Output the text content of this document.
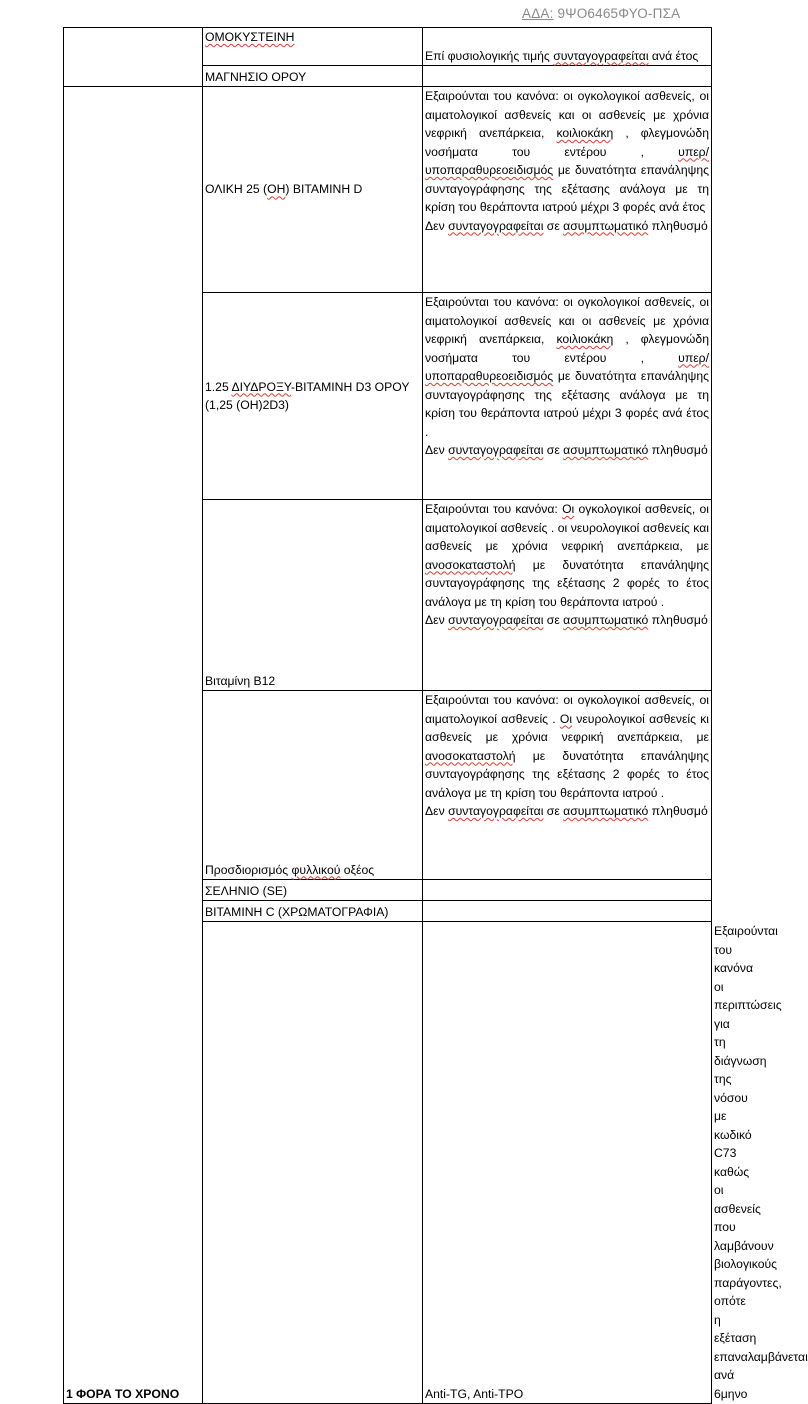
ΑΔΑ: 9ΨΟ6465ΦΥΟ-ΠΣΑ
	ΟΜΟΚΥΣΤΕΙΝΗ	Επί φυσιολογικής τιμής συνταγογραφείται ανά έτος	
	ΜΑΓΝΗΣΙΟ ΟΡΟΥ		
1 ΦΟΡΑ ΤΟ ΧΡΟΝΟ	ΟΛΙΚΗ 25 (ΟΗ) ΒΙΤΑΜΙΝΗ D	Εξαιρούνται του κανόνα: οι ογκολογικοί ασθενείς, οι αιματολογικοί ασθενείς και οι ασθενείς με χρόνια νεφρική ανεπάρκεια, κοιλιοκάκη , φλεγμονώδη νοσήματα του εντέρου , υπερ/υποπαραθυρεοειδισμός με δυνατότητα επανάληψης συνταγογράφησης της εξέτασης ανάλογα με τη κρίση του θεράποντα ιατρού μέχρι 3 φορές ανά έτος
Δεν συνταγογραφείται σε ασυμπτωματικό πληθυσμό	
	1.25 ΔΙΥΔΡΟΞΥ-ΒΙΤΑΜΙΝΗ D3 ΟΡΟΥ (1,25 (OH)2D3)	Εξαιρούνται του κανόνα: οι ογκολογικοί ασθενείς, οι αιματολογικοί ασθενείς και οι ασθενείς με χρόνια νεφρική ανεπάρκεια, κοιλιοκάκη , φλεγμονώδη νοσήματα του εντέρου , υπερ/υποπαραθυρεοειδισμός με δυνατότητα επανάληψης συνταγογράφησης της εξέτασης ανάλογα με τη κρίση του θεράποντα ιατρού μέχρι 3 φορές ανά έτος .
Δεν συνταγογραφείται σε ασυμπτωματικό πληθυσμό	
	Βιταμίνη Β12	Εξαιρούνται του κανόνα: Οι ογκολογικοί ασθενείς, οι αιματολογικοί ασθενείς . οι νευρολογικοί ασθενείς και ασθενείς με χρόνια νεφρική ανεπάρκεια, με ανοσοκαταστολή με δυνατότητα επανάληψης συνταγογράφησης της εξέτασης 2 φορές το έτος ανάλογα με τη κρίση του θεράποντα ιατρού .
Δεν συνταγογραφείται σε ασυμπτωματικό πληθυσμό	
	Προσδιορισμός φυλλικού οξέος	Εξαιρούνται του κανόνα: οι ογκολογικοί ασθενείς, οι αιματολογικοί ασθενείς . Οι νευρολογικοί ασθενείς κι ασθενείς με χρόνια νεφρική ανεπάρκεια, με ανοσοκαταστολή με δυνατότητα επανάληψης συνταγογράφησης της εξέτασης 2 φορές το έτος ανάλογα με τη κρίση του θεράποντα ιατρού .
Δεν συνταγογραφείται σε ασυμπτωματικό πληθυσμό	
	ΣΕΛΗΝΙΟ (SE)		
	ΒΙΤΑΜΙΝΗ C (ΧΡΩΜΑΤΟΓΡΑΦΙΑ)		
		Anti-TG, Anti-TPO	Εξαιρούνται του κανόνα οι περιπτώσεις για τη διάγνωση της νόσου με κωδικό C73 καθώς οι ασθενείς που λαμβάνουν βιολογικούς παράγοντες, οπότε η εξέταση επαναλαμβάνεται ανά 6μηνο
